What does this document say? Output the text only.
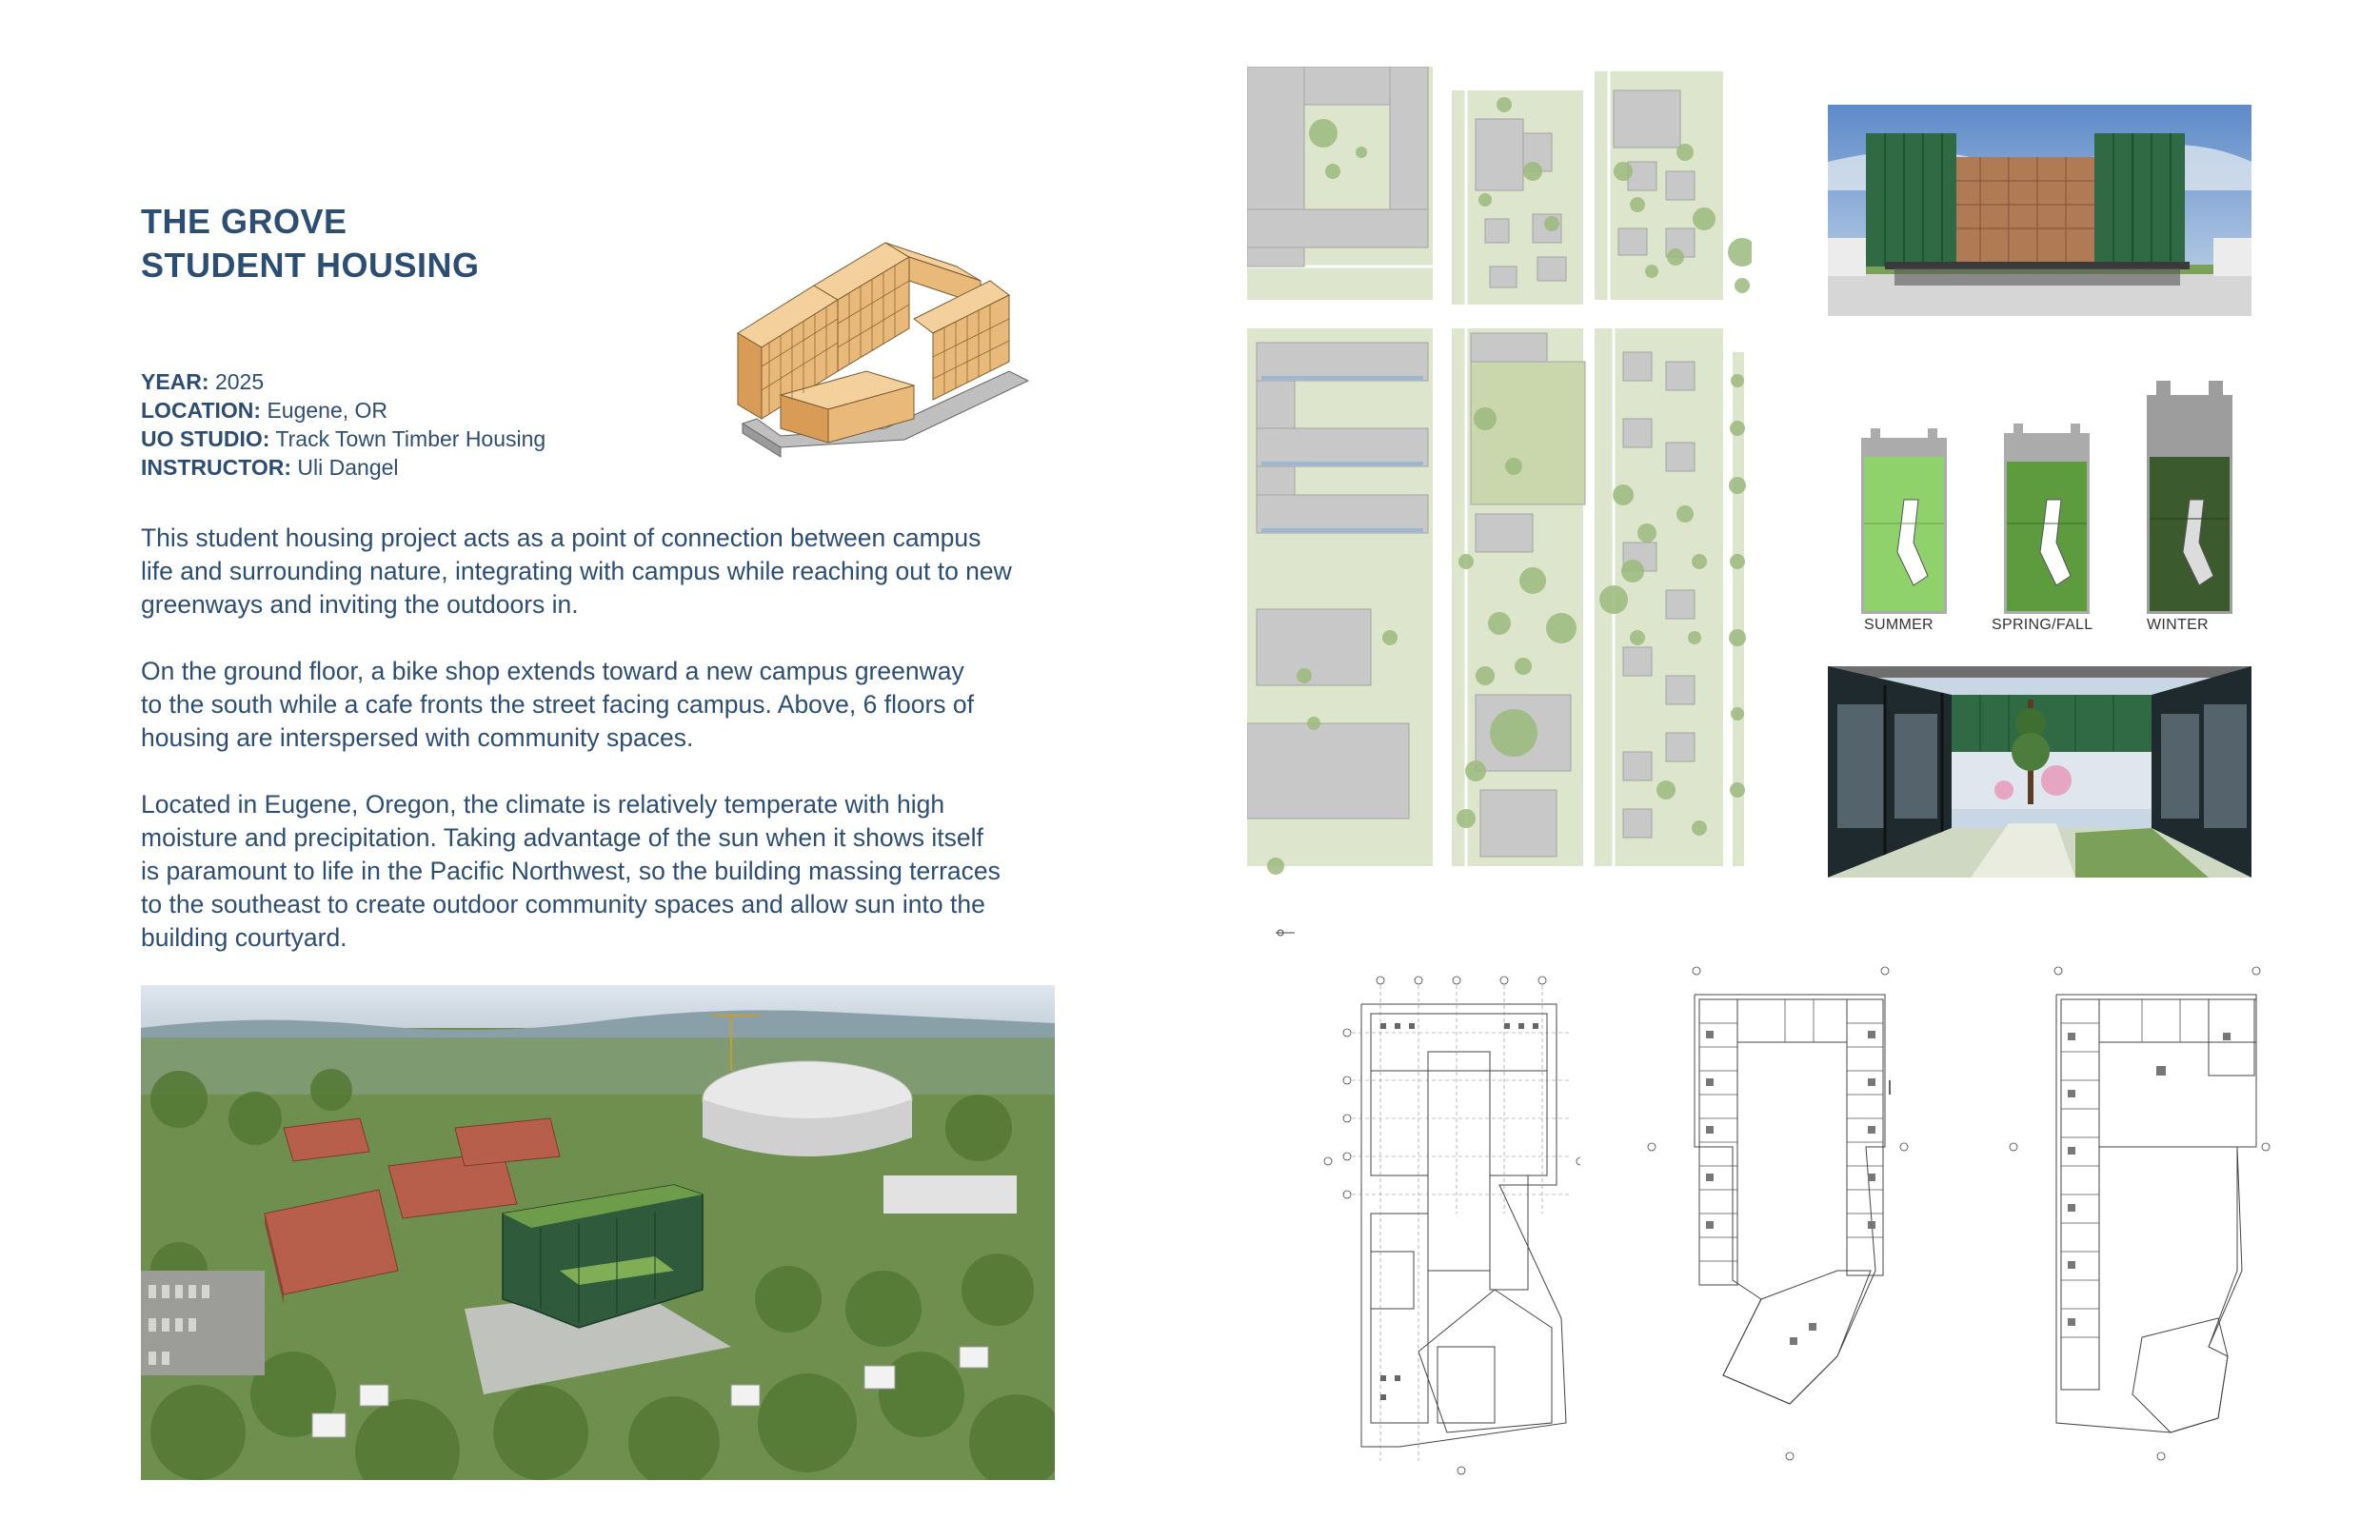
THE GROVE
STUDENT HOUSING
YEAR: 2025
LOCATION: Eugene, OR
UO STUDIO: Track Town Timber Housing
INSTRUCTOR: Uli Dangel
This student housing project acts as a point of connection between campus
life and surrounding nature, integrating with campus while reaching out to new
greenways and inviting the outdoors in.
On the ground floor, a bike shop extends toward a new campus greenway
to the south while a cafe fronts the street facing campus. Above, 6 floors of
housing are interspersed with community spaces.
Located in Eugene, Oregon, the climate is relatively temperate with high
moisture and precipitation. Taking advantage of the sun when it shows itself
is paramount to life in the Pacific Northwest, so the building massing terraces
to the southeast to create outdoor community spaces and allow sun into the
building courtyard.
SUMMER	SPRING/FALL	WINTER
